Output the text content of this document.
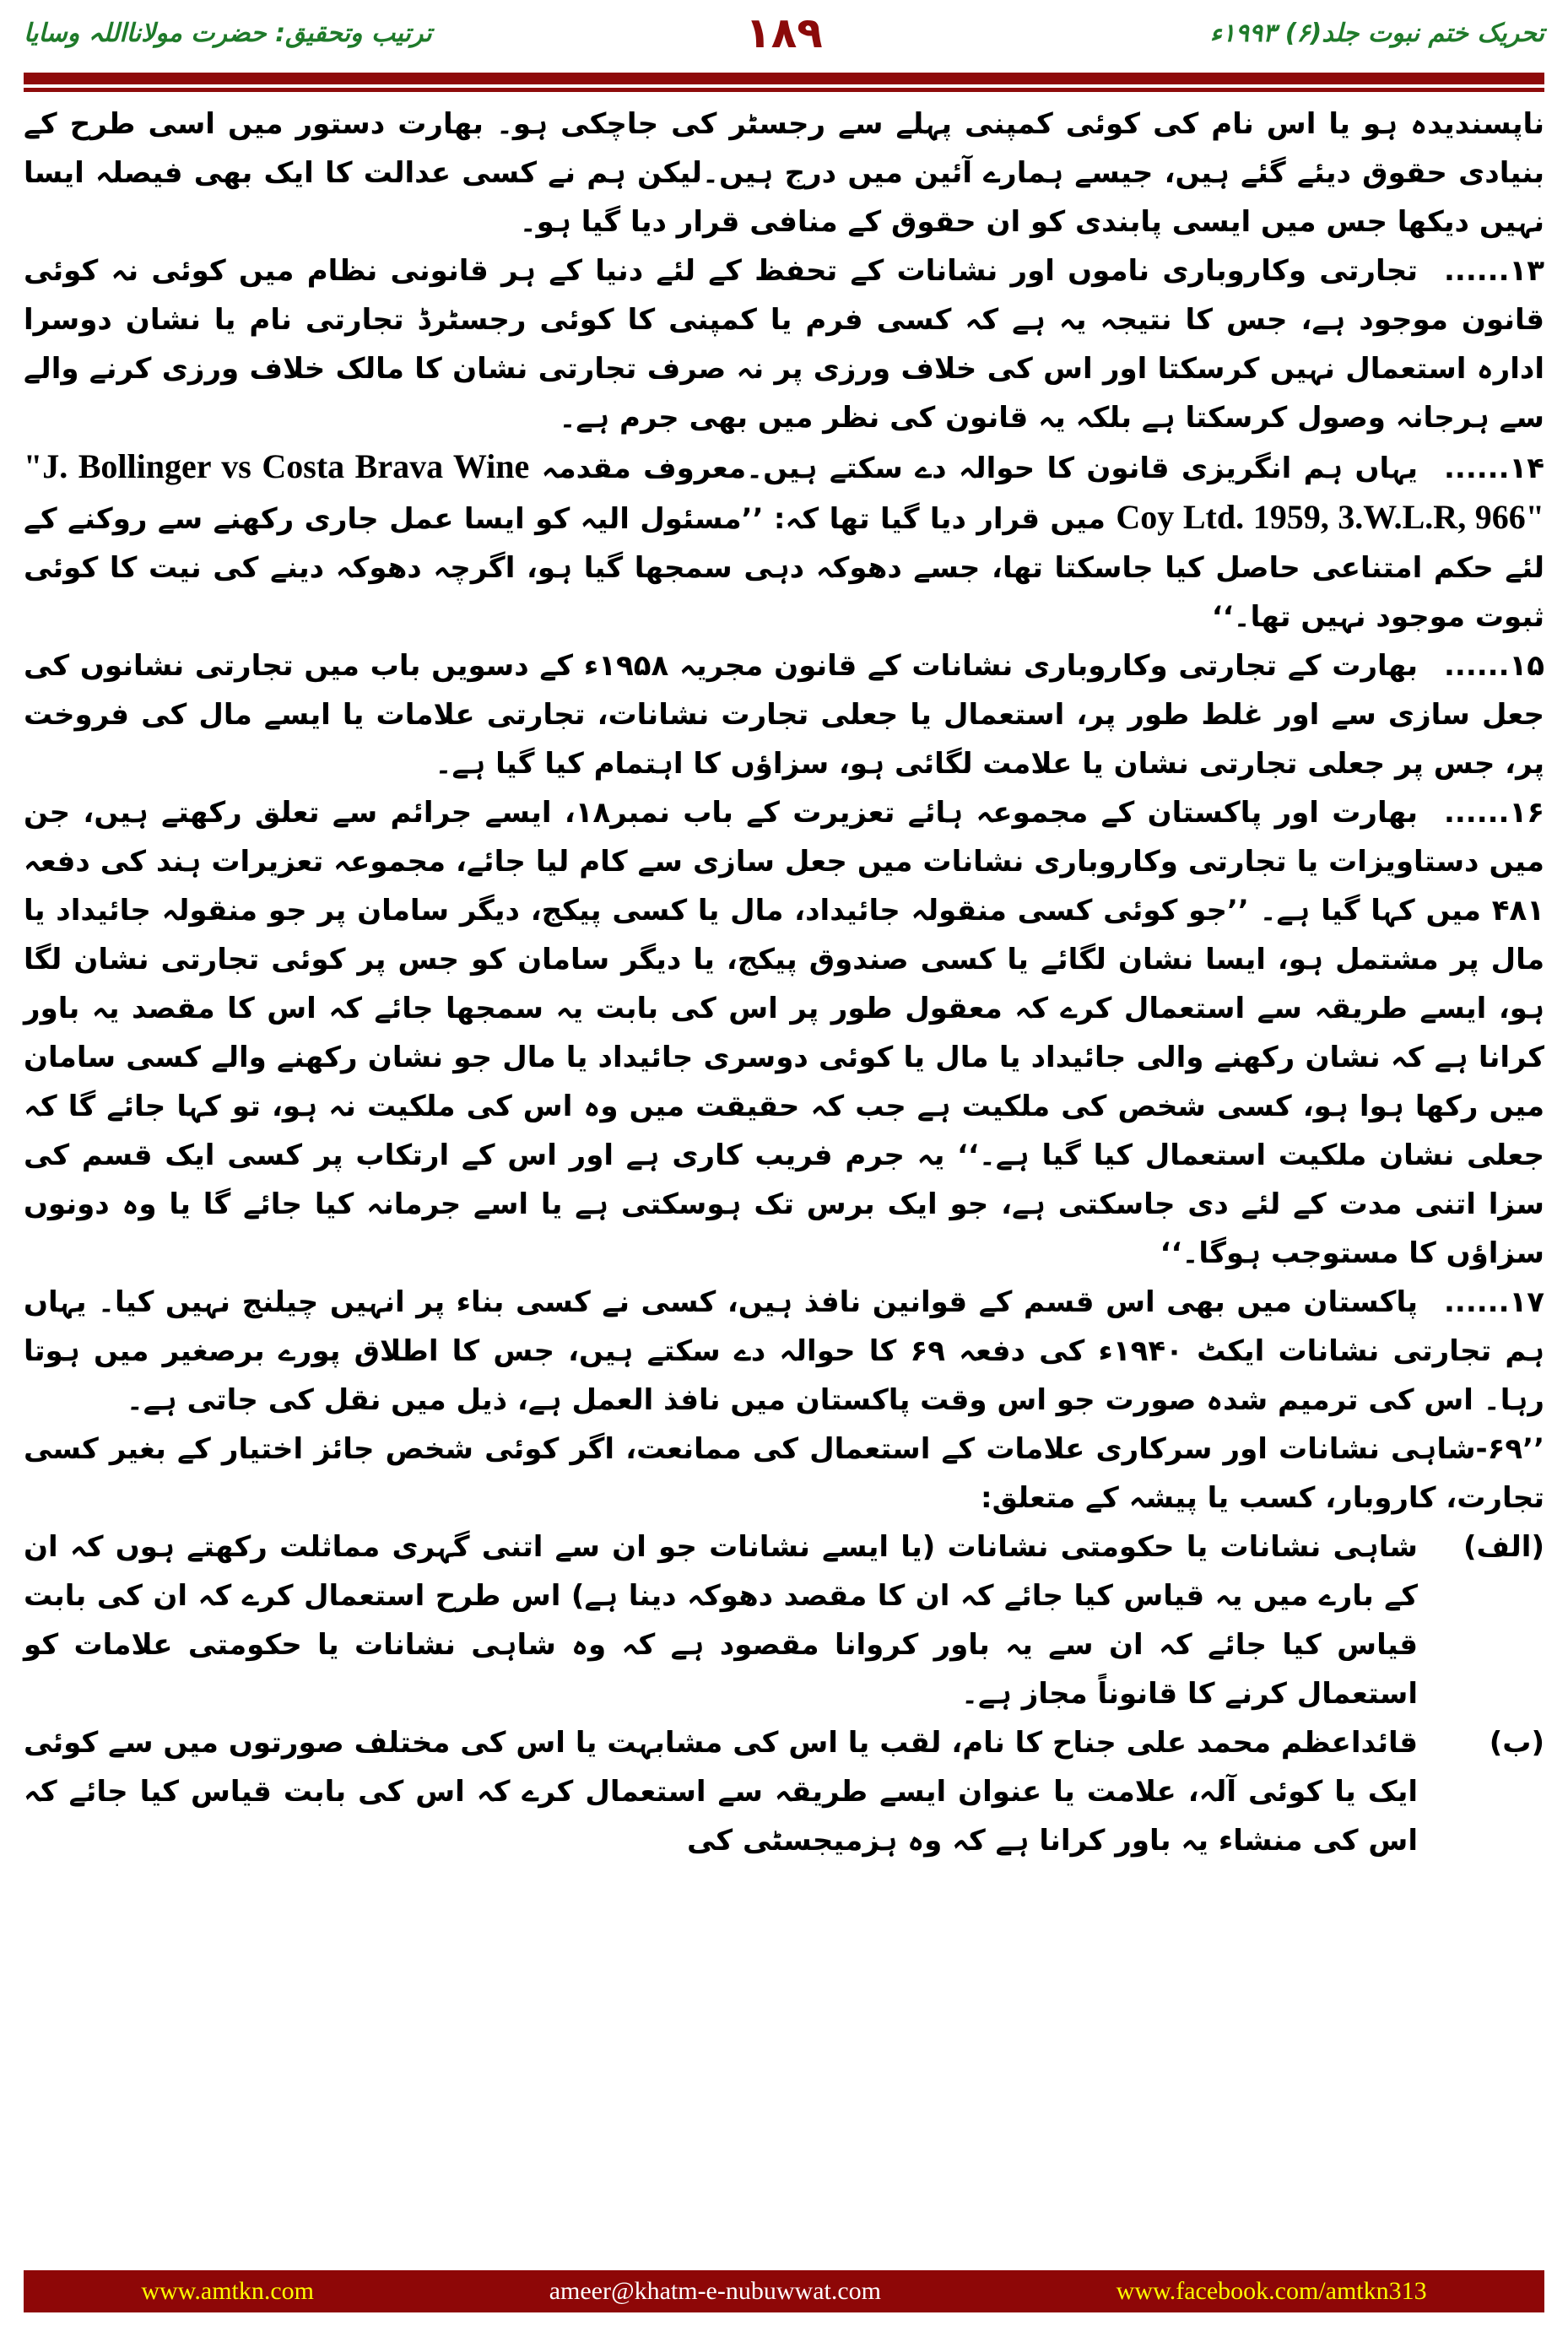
تحریک ختم نبوت جلد(۶) ۱۹۹۳ء
۱۸۹
ترتیب وتحقیق: حضرت مولانااللہ وسایا

ناپسندیدہ ہو یا اس نام کی کوئی کمپنی پہلے سے رجسٹر کی جاچکی ہو۔ بھارت دستور میں اسی طرح کے بنیادی حقوق دیئے گئے ہیں، جیسے ہمارے آئین میں درج ہیں۔لیکن ہم نے کسی عدالت کا ایک بھی فیصلہ ایسا نہیں دیکھا جس میں ایسی پابندی کو ان حقوق کے منافی قرار دیا گیا ہو۔

۱۳......تجارتی وکاروباری ناموں اور نشانات کے تحفظ کے لئے دنیا کے ہر قانونی نظام میں کوئی نہ کوئی قانون موجود ہے، جس کا نتیجہ یہ ہے کہ کسی فرم یا کمپنی کا کوئی رجسٹرڈ تجارتی نام یا نشان دوسرا ادارہ استعمال نہیں کرسکتا اور اس کی خلاف ورزی پر نہ صرف تجارتی نشان کا مالک خلاف ورزی کرنے والے سے ہرجانہ وصول کرسکتا ہے بلکہ یہ قانون کی نظر میں بھی جرم ہے۔

۱۴......یہاں ہم انگریزی قانون کا حوالہ دے سکتے ہیں۔معروف مقدمہ "J. Bollinger vs Costa Brava Wine Coy Ltd. 1959, 3.W.L.R, 966" میں قرار دیا گیا تھا کہ: ’’مسئول الیہ کو ایسا عمل جاری رکھنے سے روکنے کے لئے حکم امتناعی حاصل کیا جاسکتا تھا، جسے دھوکہ دہی سمجھا گیا ہو، اگرچہ دھوکہ دینے کی نیت کا کوئی ثبوت موجود نہیں تھا۔‘‘

۱۵......بھارت کے تجارتی وکاروباری نشانات کے قانون مجریہ ۱۹۵۸ء کے دسویں باب میں تجارتی نشانوں کی جعل سازی سے اور غلط طور پر، استعمال یا جعلی تجارت نشانات، تجارتی علامات یا ایسے مال کی فروخت پر، جس پر جعلی تجارتی نشان یا علامت لگائی ہو، سزاؤں کا اہتمام کیا گیا ہے۔

۱۶......بھارت اور پاکستان کے مجموعہ ہائے تعزیرت کے باب نمبر۱۸، ایسے جرائم سے تعلق رکھتے ہیں، جن میں دستاویزات یا تجارتی وکاروباری نشانات میں جعل سازی سے کام لیا جائے، مجموعہ تعزیرات ہند کی دفعہ ۴۸۱ میں کہا گیا ہے۔ ’’جو کوئی کسی منقولہ جائیداد، مال یا کسی پیکج، دیگر سامان پر جو منقولہ جائیداد یا مال پر مشتمل ہو، ایسا نشان لگائے یا کسی صندوق پیکج، یا دیگر سامان کو جس پر کوئی تجارتی نشان لگا ہو، ایسے طریقہ سے استعمال کرے کہ معقول طور پر اس کی بابت یہ سمجھا جائے کہ اس کا مقصد یہ باور کرانا ہے کہ نشان رکھنے والی جائیداد یا مال یا کوئی دوسری جائیداد یا مال جو نشان رکھنے والے کسی سامان میں رکھا ہوا ہو، کسی شخص کی ملکیت ہے جب کہ حقیقت میں وہ اس کی ملکیت نہ ہو، تو کہا جائے گا کہ جعلی نشان ملکیت استعمال کیا گیا ہے۔‘‘ یہ جرم فریب کاری ہے اور اس کے ارتکاب پر کسی ایک قسم کی سزا اتنی مدت کے لئے دی جاسکتی ہے، جو ایک برس تک ہوسکتی ہے یا اسے جرمانہ کیا جائے گا یا وہ دونوں سزاؤں کا مستوجب ہوگا۔‘‘

۱۷......پاکستان میں بھی اس قسم کے قوانین نافذ ہیں، کسی نے کسی بناء پر انہیں چیلنج نہیں کیا۔ یہاں ہم تجارتی نشانات ایکٹ ۱۹۴۰ء کی دفعہ ۶۹ کا حوالہ دے سکتے ہیں، جس کا اطلاق پورے برصغیر میں ہوتا رہا۔ اس کی ترمیم شدہ صورت جو اس وقت پاکستان میں نافذ العمل ہے، ذیل میں نقل کی جاتی ہے۔

’’۶۹-شاہی نشانات اور سرکاری علامات کے استعمال کی ممانعت، اگر کوئی شخص جائز اختیار کے بغیر کسی تجارت، کاروبار، کسب یا پیشہ کے متعلق:

(الف)
شاہی نشانات یا حکومتی نشانات (یا ایسے نشانات جو ان سے اتنی گہری مماثلت رکھتے ہوں کہ ان کے بارے میں یہ قیاس کیا جائے کہ ان کا مقصد دھوکہ دینا ہے) اس طرح استعمال کرے کہ ان کی بابت قیاس کیا جائے کہ ان سے یہ باور کروانا مقصود ہے کہ وہ شاہی نشانات یا حکومتی علامات کو استعمال کرنے کا قانوناً مجاز ہے۔
(ب)
قائداعظم محمد علی جناح کا نام، لقب یا اس کی مشابہت یا اس کی مختلف صورتوں میں سے کوئی ایک یا کوئی آلہ، علامت یا عنوان ایسے طریقہ سے استعمال کرے کہ اس کی بابت قیاس کیا جائے کہ اس کی منشاء یہ باور کرانا ہے کہ وہ ہزمیجسٹی کی
www.amtkn.com	ameer@khatm-e-nubuwwat.com	www.facebook.com/amtkn313
